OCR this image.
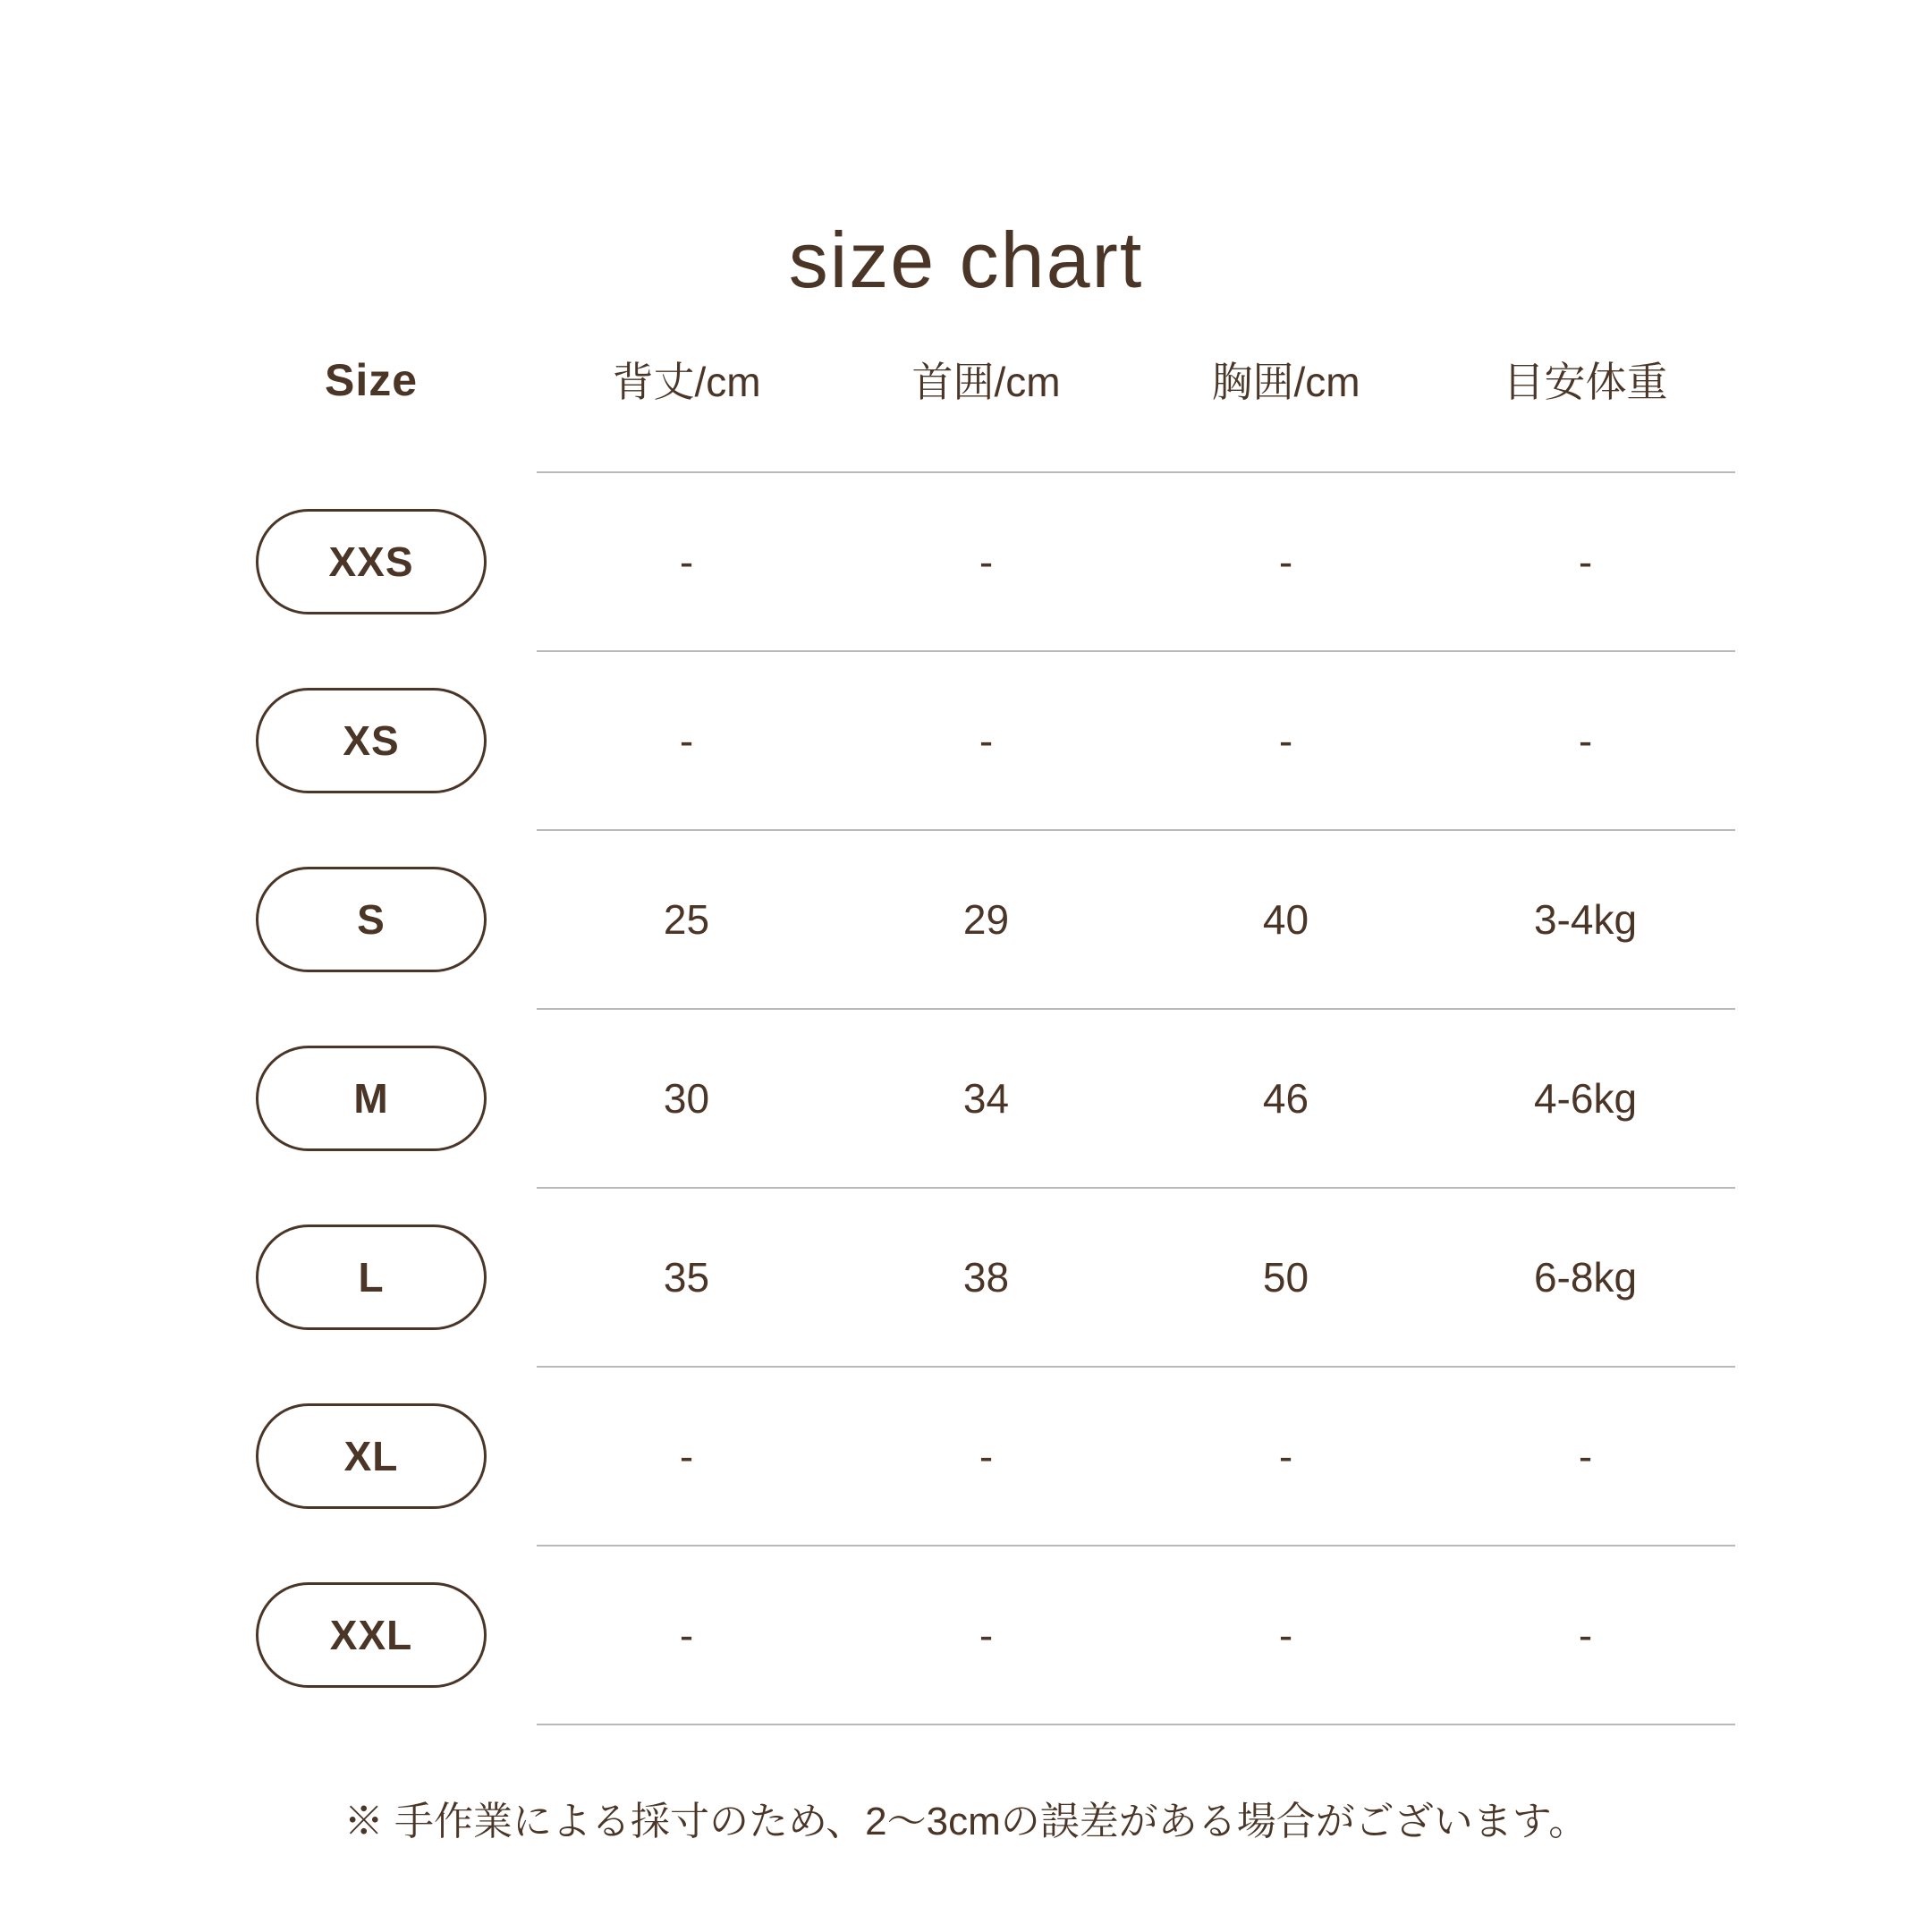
size chart
Size	背丈/cm	首囲/cm	胸囲/cm	目安体重
XXS	-	-	-	-
XS	-	-	-	-
S	25	29	40	3-4kg
M	30	34	46	4-6kg
L	35	38	50	6-8kg
XL	-	-	-	-
XXL	-	-	-	-
※ 手作業による採寸のため、2〜3cmの誤差がある場合がございます。
